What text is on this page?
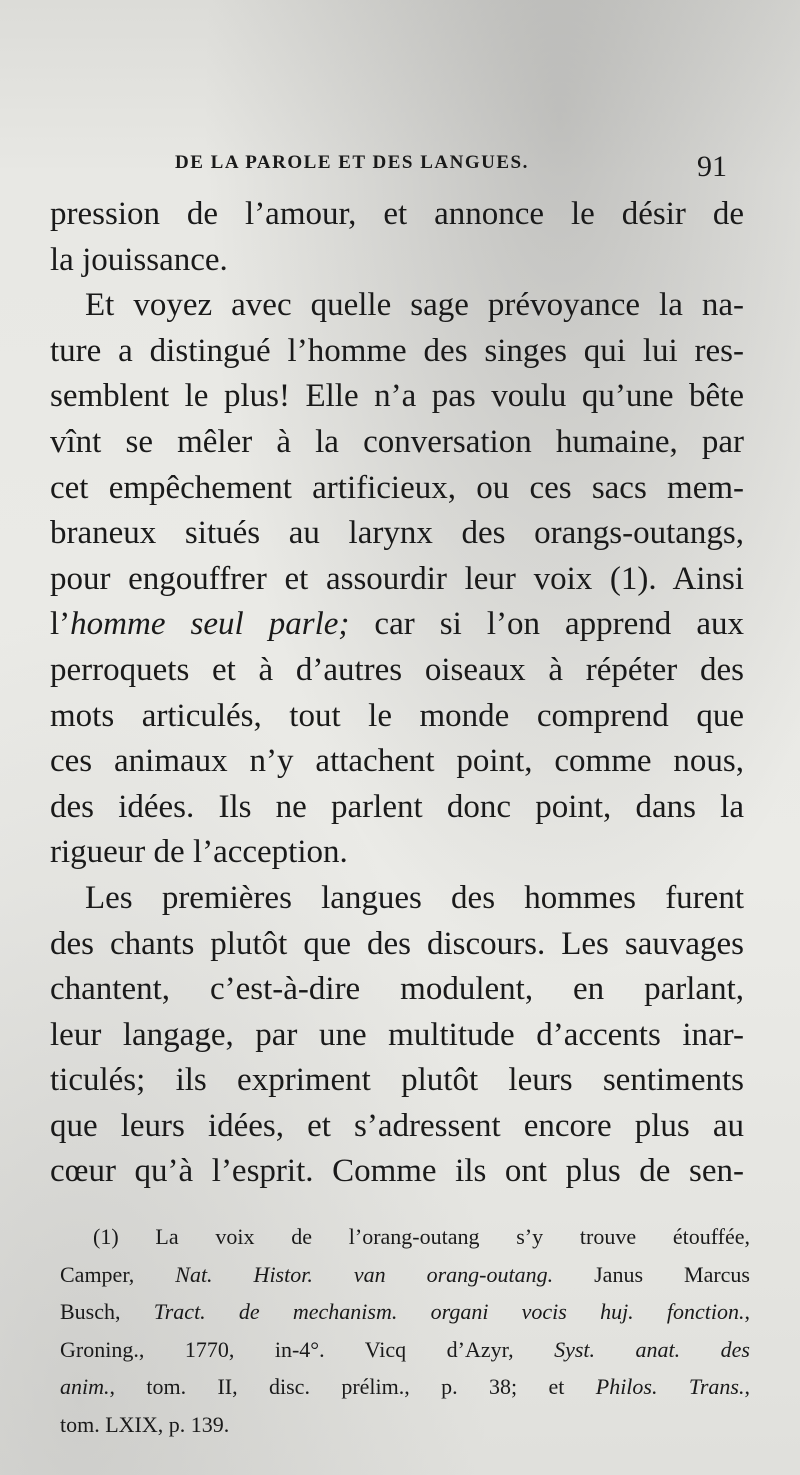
DE LA PAROLE ET DES LANGUES.	91
pression de l’amour, et annonce le désir de
la jouissance.
Et voyez avec quelle sage prévoyance la na-
ture a distingué l’homme des singes qui lui res-
semblent le plus! Elle n’a pas voulu qu’une bête
vînt se mêler à la conversation humaine, par
cet empêchement artificieux, ou ces sacs mem-
braneux situés au larynx des orangs-outangs,
pour engouffrer et assourdir leur voix (1). Ainsi
l’homme seul parle; car si l’on apprend aux
perroquets et à d’autres oiseaux à répéter des
mots articulés, tout le monde comprend que
ces animaux n’y attachent point, comme nous,
des idées. Ils ne parlent donc point, dans la
rigueur de l’acception.
Les premières langues des hommes furent
des chants plutôt que des discours. Les sauvages
chantent, c’est-à-dire modulent, en parlant,
leur langage, par une multitude d’accents inar-
ticulés; ils expriment plutôt leurs sentiments
que leurs idées, et s’adressent encore plus au
cœur qu’à l’esprit. Comme ils ont plus de sen-
(1) La voix de l’orang-outang s’y trouve étouffée,
Camper, Nat. Histor. van orang-outang. Janus Marcus
Busch, Tract. de mechanism. organi vocis huj. fonction.,
Groning., 1770, in-4°. Vicq d’Azyr, Syst. anat. des
anim., tom. II, disc. prélim., p. 38; et Philos. Trans.,
tom. LXIX, p. 139.
